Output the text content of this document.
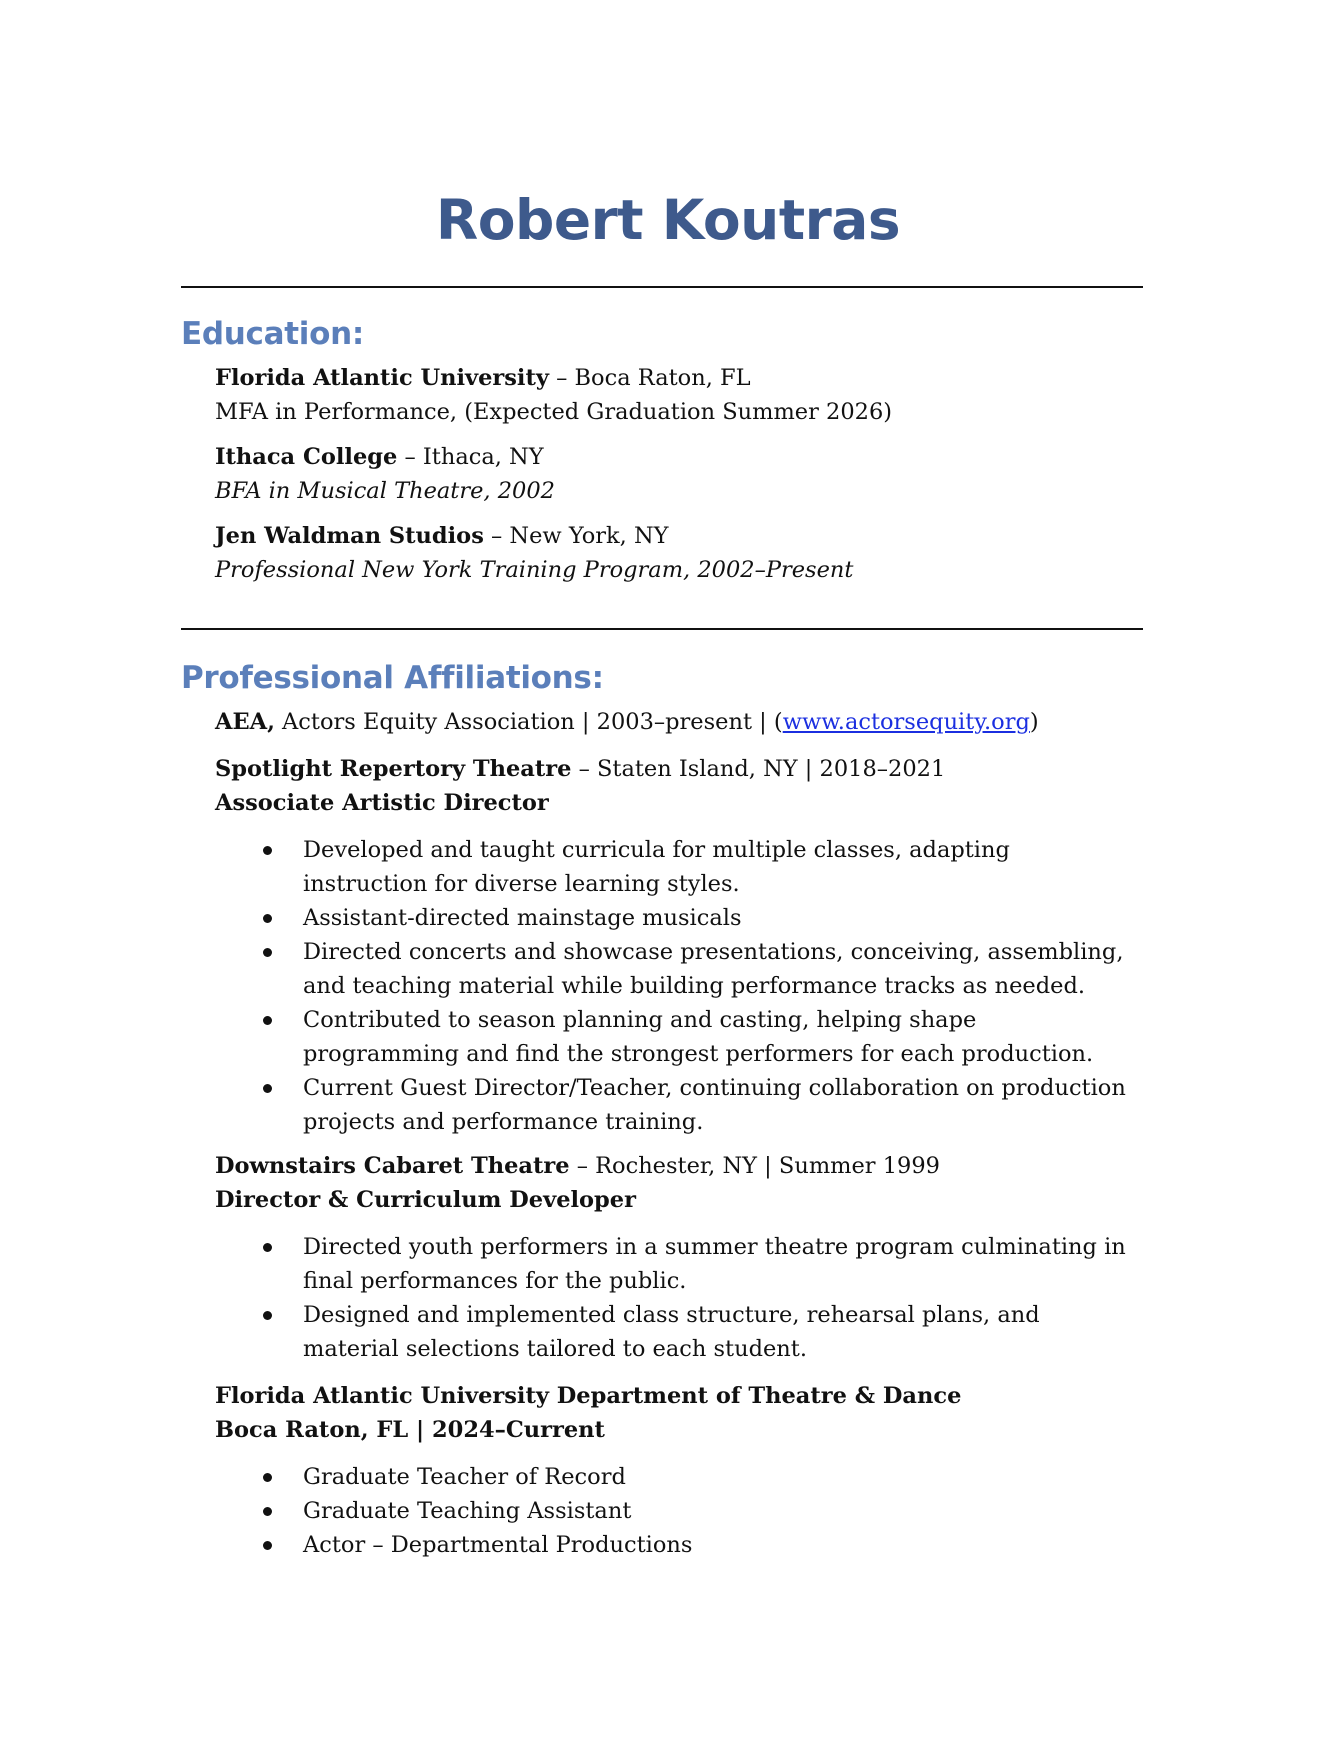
Robert Koutras
Education:
Florida Atlantic University – Boca Raton, FL
MFA in Performance, (Expected Graduation Summer 2026)
Ithaca College – Ithaca, NY
BFA in Musical Theatre, 2002
Jen Waldman Studios – New York, NY
Professional New York Training Program, 2002–Present
Professional Affiliations:
AEA, Actors Equity Association | 2003–present | (www.actorsequity.org)
Spotlight Repertory Theatre – Staten Island, NY | 2018–2021
Associate Artistic Director
Developed and taught curricula for multiple classes, adapting instruction for diverse learning styles.
Assistant-directed mainstage musicals
Directed concerts and showcase presentations, conceiving, assembling, and teaching material while building performance tracks as needed.
Contributed to season planning and casting, helping shape programming and find the strongest performers for each production.
Current Guest Director/Teacher, continuing collaboration on production projects and performance training.
Downstairs Cabaret Theatre – Rochester, NY | Summer 1999
Director & Curriculum Developer
Directed youth performers in a summer theatre program culminating in final performances for the public.
Designed and implemented class structure, rehearsal plans, and material selections tailored to each student.
Florida Atlantic University Department of Theatre & Dance
Boca Raton, FL | 2024–Current
Graduate Teacher of Record
Graduate Teaching Assistant
Actor – Departmental Productions
